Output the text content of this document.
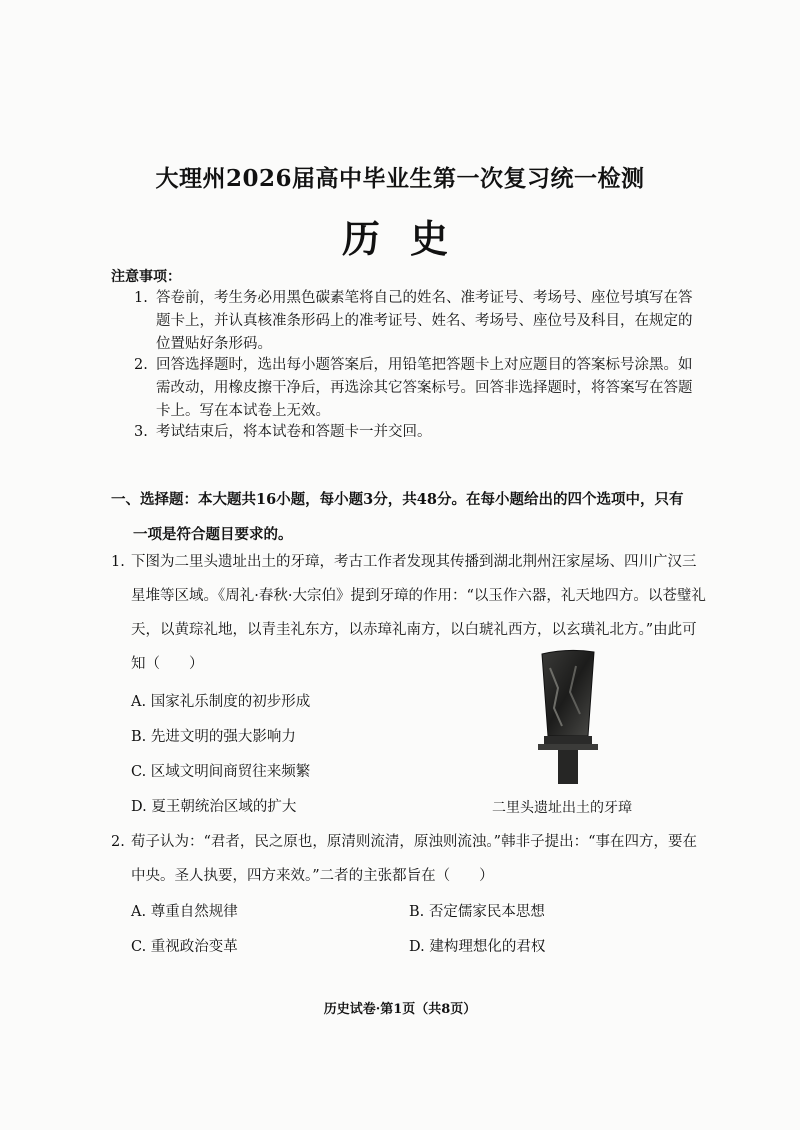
大理州2026届高中毕业生第一次复习统一检测
历史
注意事项：
1. 答卷前，考生务必用黑色碳素笔将自己的姓名、准考证号、考场号、座位号填写在答题卡上，并认真核准条形码上的准考证号、姓名、考场号、座位号及科目，在规定的位置贴好条形码。
2. 回答选择题时，选出每小题答案后，用铅笔把答题卡上对应题目的答案标号涂黑。如需改动，用橡皮擦干净后，再选涂其它答案标号。回答非选择题时，将答案写在答题卡上。写在本试卷上无效。
3. 考试结束后，将本试卷和答题卡一并交回。
一、选择题：本大题共16小题，每小题3分，共48分。在每小题给出的四个选项中，只有
一项是符合题目要求的。
1. 下图为二里头遗址出土的牙璋，考古工作者发现其传播到湖北荆州汪家屋场、四川广汉三星堆等区域。《周礼·春秋·大宗伯》提到牙璋的作用：“以玉作六器，礼天地四方。以苍璧礼天，以黄琮礼地，以青圭礼东方，以赤璋礼南方，以白琥礼西方，以玄璜礼北方。”由此可知（　　）
A. 国家礼乐制度的初步形成
B. 先进文明的强大影响力
C. 区域文明间商贸往来频繁
D. 夏王朝统治区域的扩大	二里头遗址出土的牙璋
2. 荀子认为：“君者，民之原也，原清则流清，原浊则流浊。”韩非子提出：“事在四方，要在中央。圣人执要，四方来效。”二者的主张都旨在（　　）
A. 尊重自然规律	B. 否定儒家民本思想
C. 重视政治变革	D. 建构理想化的君权
历史试卷·第1页（共8页）
